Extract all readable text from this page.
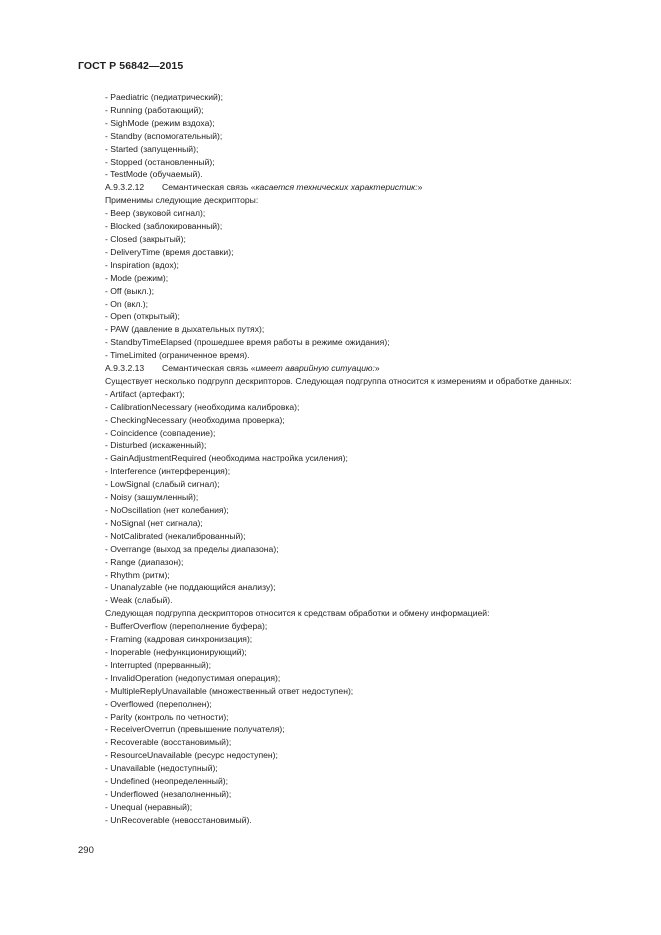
ГОСТ Р 56842—2015
- Paediatric (педиатрический);
- Running (работающий);
- SighMode (режим вздоха);
- Standby (вспомогательный);
- Started (запущенный);
- Stopped (остановленный);
- TestMode (обучаемый).
A.9.3.2.12 Семантическая связь «касается технических характеристик:»
Применимы следующие дескрипторы:
- Beep (звуковой сигнал);
- Blocked (заблокированный);
- Closed (закрытый);
- DeliveryTime (время доставки);
- Inspiration (вдох);
- Mode (режим);
- Off (выкл.);
- On (вкл.);
- Open (открытый);
- PAW (давление в дыхательных путях);
- StandbyTimeElapsed (прошедшее время работы в режиме ожидания);
- TimeLimited (ограниченное время).
A.9.3.2.13 Семантическая связь «имеет аварийную ситуацию:»
Существует несколько подгрупп дескрипторов. Следующая подгруппа относится к измерениям и обработке данных:
- Artifact (артефакт);
- CalibrationNecessary (необходима калибровка);
- CheckingNecessary (необходима проверка);
- Coincidence (совпадение);
- Disturbed (искаженный);
- GainAdjustmentRequired (необходима настройка усиления);
- Interference (интерференция);
- LowSignal (слабый сигнал);
- Noisy (зашумленный);
- NoOscillation (нет колебания);
- NoSignal (нет сигнала);
- NotCalibrated (некалиброванный);
- Overrange (выход за пределы диапазона);
- Range (диапазон);
- Rhythm (ритм);
- Unanalyzable (не поддающийся анализу);
- Weak (слабый).
Следующая подгруппа дескрипторов относится к средствам обработки и обмену информацией:
- BufferOverflow (переполнение буфера);
- Framing (кадровая синхронизация);
- Inoperable (нефункционирующий);
- Interrupted (прерванный);
- InvalidOperation (недопустимая операция);
- MultipleReplyUnavailable (множественный ответ недоступен);
- Overflowed (переполнен);
- Parity (контроль по четности);
- ReceiverOverrun (превышение получателя);
- Recoverable (восстановимый);
- ResourceUnavailable (ресурс недоступен);
- Unavailable (недоступный);
- Undefined (неопределенный);
- Underflowed (незаполненный);
- Unequal (неравный);
- UnRecoverable (невосстановимый).
290
